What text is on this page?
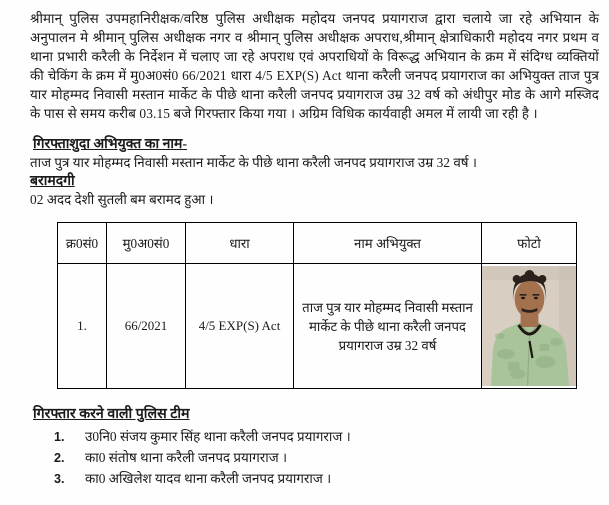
श्रीमान् पुलिस उपमहानिरीक्षक/वरिष्ठ पुलिस अधीक्षक महोदय जनपद प्रयागराज द्वारा चलाये जा रहे अभियान के अनुपालन मे श्रीमान् पुलिस अधीक्षक नगर व श्रीमान् पुलिस अधीक्षक अपराध,श्रीमान् क्षेत्राधिकारी महोदय नगर प्रथम व थाना प्रभारी करैली के निर्देशन में चलाए जा रहे अपराध एवं अपराधियों के विरूद्ध अभियान के क्रम में संदिग्ध व्यक्तियों की चेकिंग के क्रम में मु0अ0सं0 66/2021 धारा 4/5 EXP(S) Act थाना करैली जनपद प्रयागराज का अभियुक्त ताज पुत्र यार मोहम्मद निवासी मस्तान मार्केट के पीछे थाना करैली जनपद प्रयागराज उम्र 32 वर्ष को अंधीपुर मोड के आगे मस्जिद के पास से समय करीब 03.15 बजे गिरफ्तार किया गया । अग्रिम विधिक कार्यवाही अमल में लायी जा रही है ।

गिरफ्ताशुदा अभियुक्त का नाम-

ताज पुत्र यार मोहम्मद निवासी मस्तान मार्केट के पीछे थाना करैली जनपद प्रयागराज उम्र 32 वर्ष ।

बरामदगी

02 अदद देशी सुतली बम बरामद हुआ ।

क्र0सं0	मु0अ0सं0	धारा	नाम अभियुक्त	फोटो
1.	66/2021	4/5 EXP(S) Act	ताज पुत्र यार मोहम्मद निवासी मस्तान मार्केट के पीछे थाना करैली जनपद प्रयागराज उम्र 32 वर्ष	

गिरफ्तार करने वाली पुलिस टीम

1.	उ0नि0 संजय कुमार सिंह थाना करैली जनपद प्रयागराज ।
2.	का0 संतोष थाना करैली जनपद प्रयागराज ।
3.	का0 अखिलेश यादव थाना करैली जनपद प्रयागराज ।
